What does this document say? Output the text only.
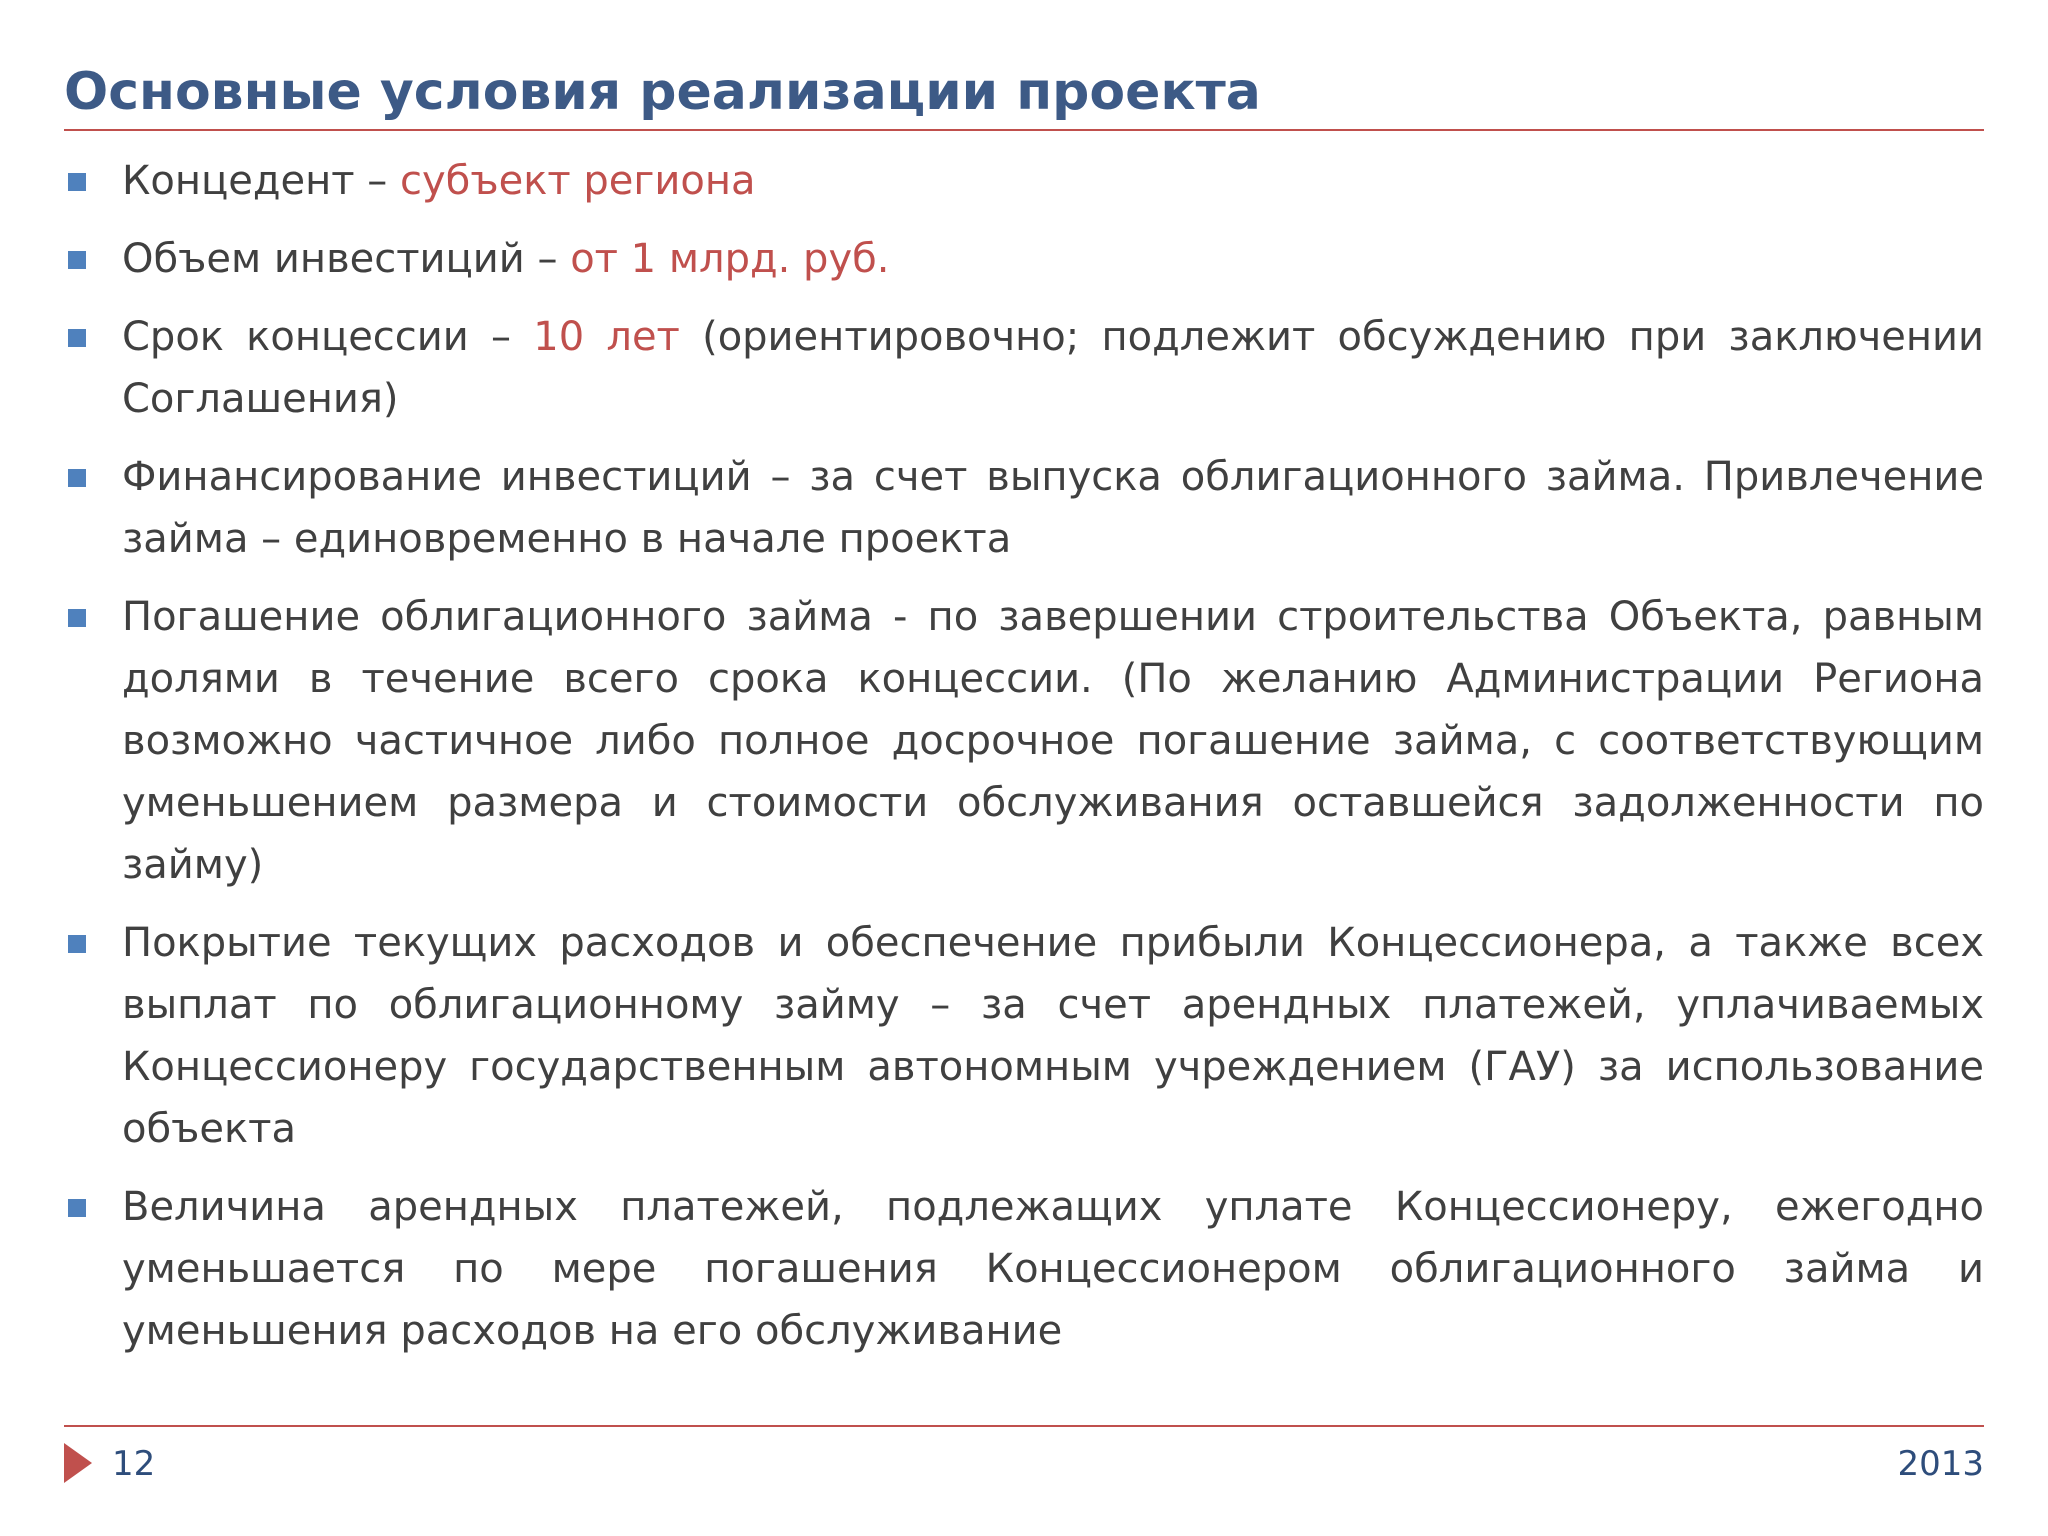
Основные условия реализации проекта
Концедент – субъект региона
Объем инвестиций – от 1 млрд. руб.
Срок концессии – 10 лет (ориентировочно; подлежит обсуждению при заключении Соглашения)
Финансирование инвестиций – за счет выпуска облигационного займа. Привлечение займа – единовременно в начале проекта
Погашение облигационного займа - по завершении строительства Объекта, равным долями в течение всего срока концессии. (По желанию Администрации Региона возможно частичное либо полное досрочное погашение займа, с соответствующим уменьшением размера и стоимости обслуживания оставшейся задолженности по займу)
Покрытие текущих расходов и обеспечение прибыли Концессионера, а также всех выплат по облигационному займу – за счет арендных платежей, уплачиваемых Концессионеру государственным автономным учреждением (ГАУ) за использование объекта
Величина арендных платежей, подлежащих уплате Концессионеру, ежегодно уменьшается по мере погашения Концессионером облигационного займа и уменьшения расходов на его обслуживание
12	2013
